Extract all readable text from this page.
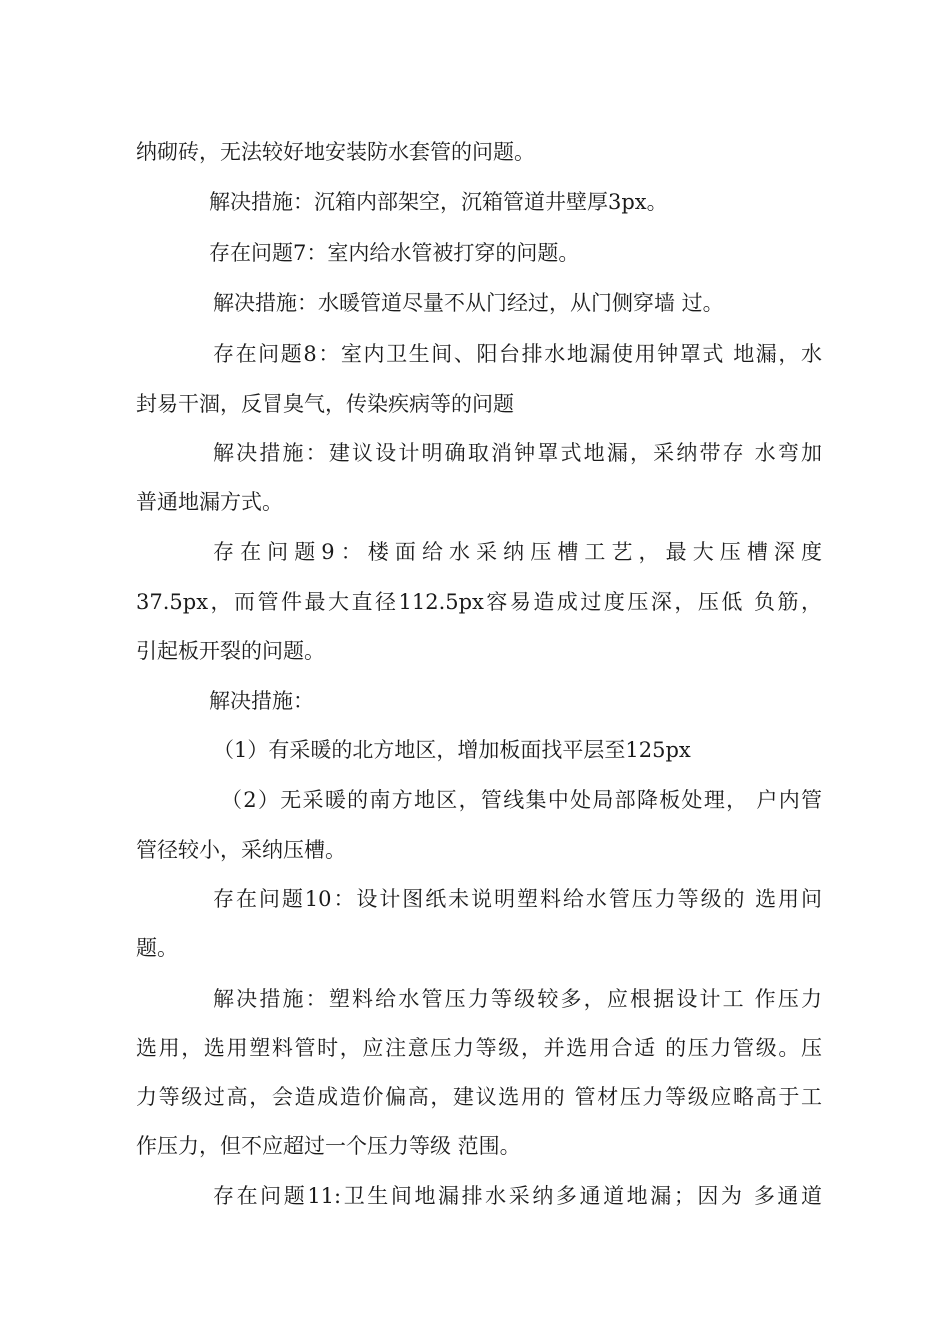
纳砌砖，无法较好地安装防水套管的问题。
解决措施：沉箱内部架空，沉箱管道井壁厚3px。
存在问题7：室内给水管被打穿的问题。
解决措施：水暖管道尽量不从门经过，从门侧穿墙 过。
存在问题8：室内卫生间、阳台排水地漏使用钟罩式 地漏，水
封易干涸，反冒臭气，传染疾病等的问题
解决措施：建议设计明确取消钟罩式地漏，采纳带存 水弯加
普通地漏方式。
存在问题9：楼面给水采纳压槽工艺，最大压槽深度
37.5px，而管件最大直径112.5px容易造成过度压深，压低 负筋，
引起板开裂的问题。
解决措施：
（1）有采暖的北方地区，增加板面找平层至125px
（2）无采暖的南方地区，管线集中处局部降板处理， 户内管
管径较小，采纳压槽。
存在问题10：设计图纸未说明塑料给水管压力等级的 选用问
题。
解决措施：塑料给水管压力等级较多，应根据设计工 作压力
选用，选用塑料管时，应注意压力等级，并选用合适 的压力管级。压
力等级过高，会造成造价偏高，建议选用的 管材压力等级应略高于工
作压力，但不应超过一个压力等级 范围。
存在问题11:卫生间地漏排水采纳多通道地漏；因为 多通道
